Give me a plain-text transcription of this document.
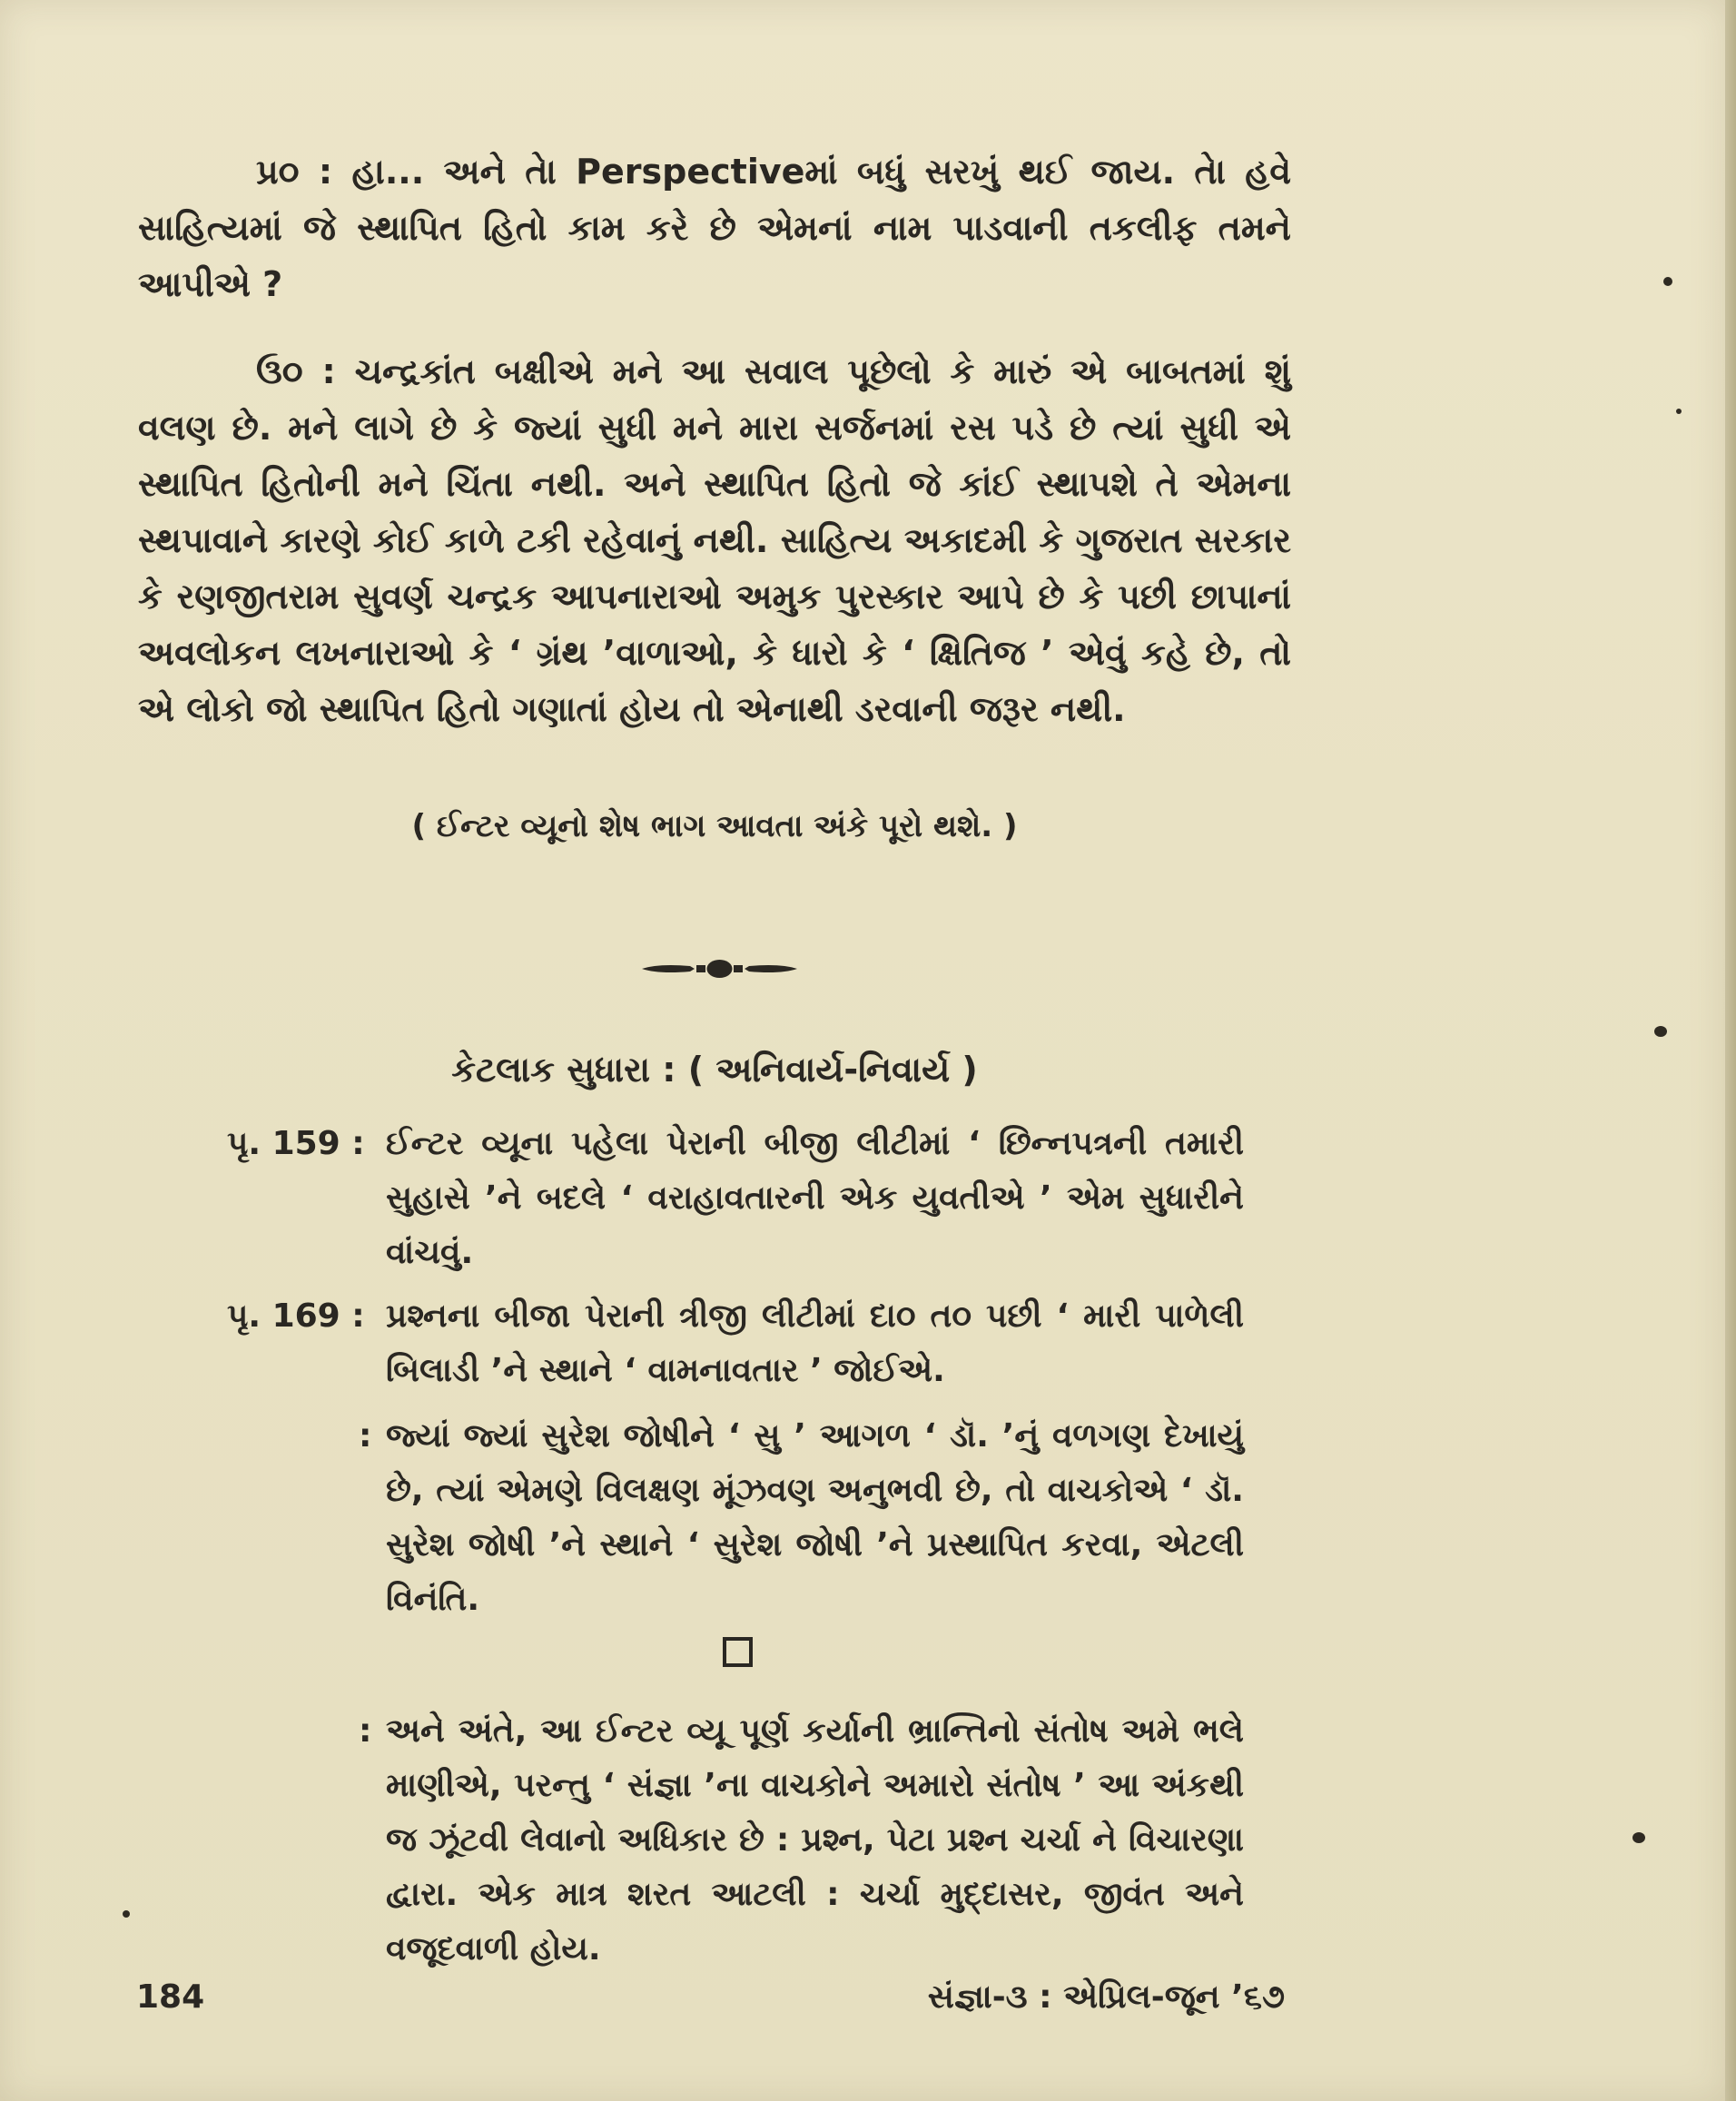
પ્ર૦ : હા... અને તેા Perspectiveમાં બધું સરખું થઈ જાય. તેા હવે સાહિત્યમાં જે સ્થાપિત હિતો કામ કરે છે એમનાં નામ પાડવાની તકલીફ તમને આપીએ ?

ઉ૦ : ચન્દ્રકાંત બક્ષીએ મને આ સવાલ પૂછેલો કે મારું એ બાબતમાં શું વલણ છે. મને લાગે છે કે જ્યાં સુધી મને મારા સર્જનમાં રસ પડે છે ત્યાં સુધી એ સ્થાપિત હિતોની મને ચિંતા નથી. અને સ્થાપિત હિતો જે કાંઈ સ્થાપશે તે એમના સ્થપાવાને કારણે કોઈ કાળે ટકી રહેવાનું નથી. સાહિત્ય અકાદમી કે ગુજરાત સરકાર કે રણજીતરામ સુવર્ણ ચન્દ્રક આપનારાઓ અમુક પુરસ્કાર આપે છે કે પછી છાપાનાં અવલોકન લખનારાઓ કે ‘ ગ્રંથ ’વાળાઓ, કે ધારો કે ‘ ક્ષિતિજ ’ એવું કહે છે, તો એ લોકો જો સ્થાપિત હિતો ગણાતાં હોય તો એનાથી ડરવાની જરૂર નથી.

( ઈન્ટર વ્યૂનો શેષ ભાગ આવતા અંકે પૂરો થશે. )

કેટલાક સુધારા : ( અનિવાર્ય-નિવાર્ય )

પૃ. 159 : ઈન્ટર વ્યૂના પહેલા પેરાની બીજી લીટીમાં ‘ છિન્નપત્રની તમારી સુહાસે ’ને બદલે ‘ વરાહાવતારની એક યુવતીએ ’ એમ સુધારીને વાંચવું.
પૃ. 169 : પ્રશ્નના બીજા પેરાની ત્રીજી લીટીમાં દા૦ ત૦ પછી ‘ મારી પાળેલી બિલાડી ’ને સ્થાને ‘ વામનાવતાર ’ જોઈએ.
: જ્યાં જ્યાં સુરેશ જોષીને ‘ સુ ’ આગળ ‘ ડૉ. ’નું વળગણ દેખાયું છે, ત્યાં એમણે વિલક્ષણ મૂંઝવણ અનુભવી છે, તો વાચકોએ ‘ ડૉ. સુરેશ જોષી ’ને સ્થાને ‘ સુરેશ જોષી ’ને પ્રસ્થાપિત કરવા, એટલી વિનંતિ.
: અને અંતે, આ ઈન્ટર વ્યૂ પૂર્ણ કર્યાની ભ્રાન્તિનો સંતોષ અમે ભલે માણીએ, પરન્તુ ‘ સંજ્ઞા ’ના વાચકોને અમારો સંતોષ ’ આ અંકથી જ ઝૂંટવી લેવાનો અધિકાર છે : પ્રશ્ન, પેટા પ્રશ્ન ચર્ચા ને વિચારણા દ્વારા. એક માત્ર શરત આટલી : ચર્ચા મુદ્દાસર, જીવંત અને વજૂદવાળી હોય.

184	સંજ્ઞા-૩ : એપ્રિલ-જૂન ’૬૭
